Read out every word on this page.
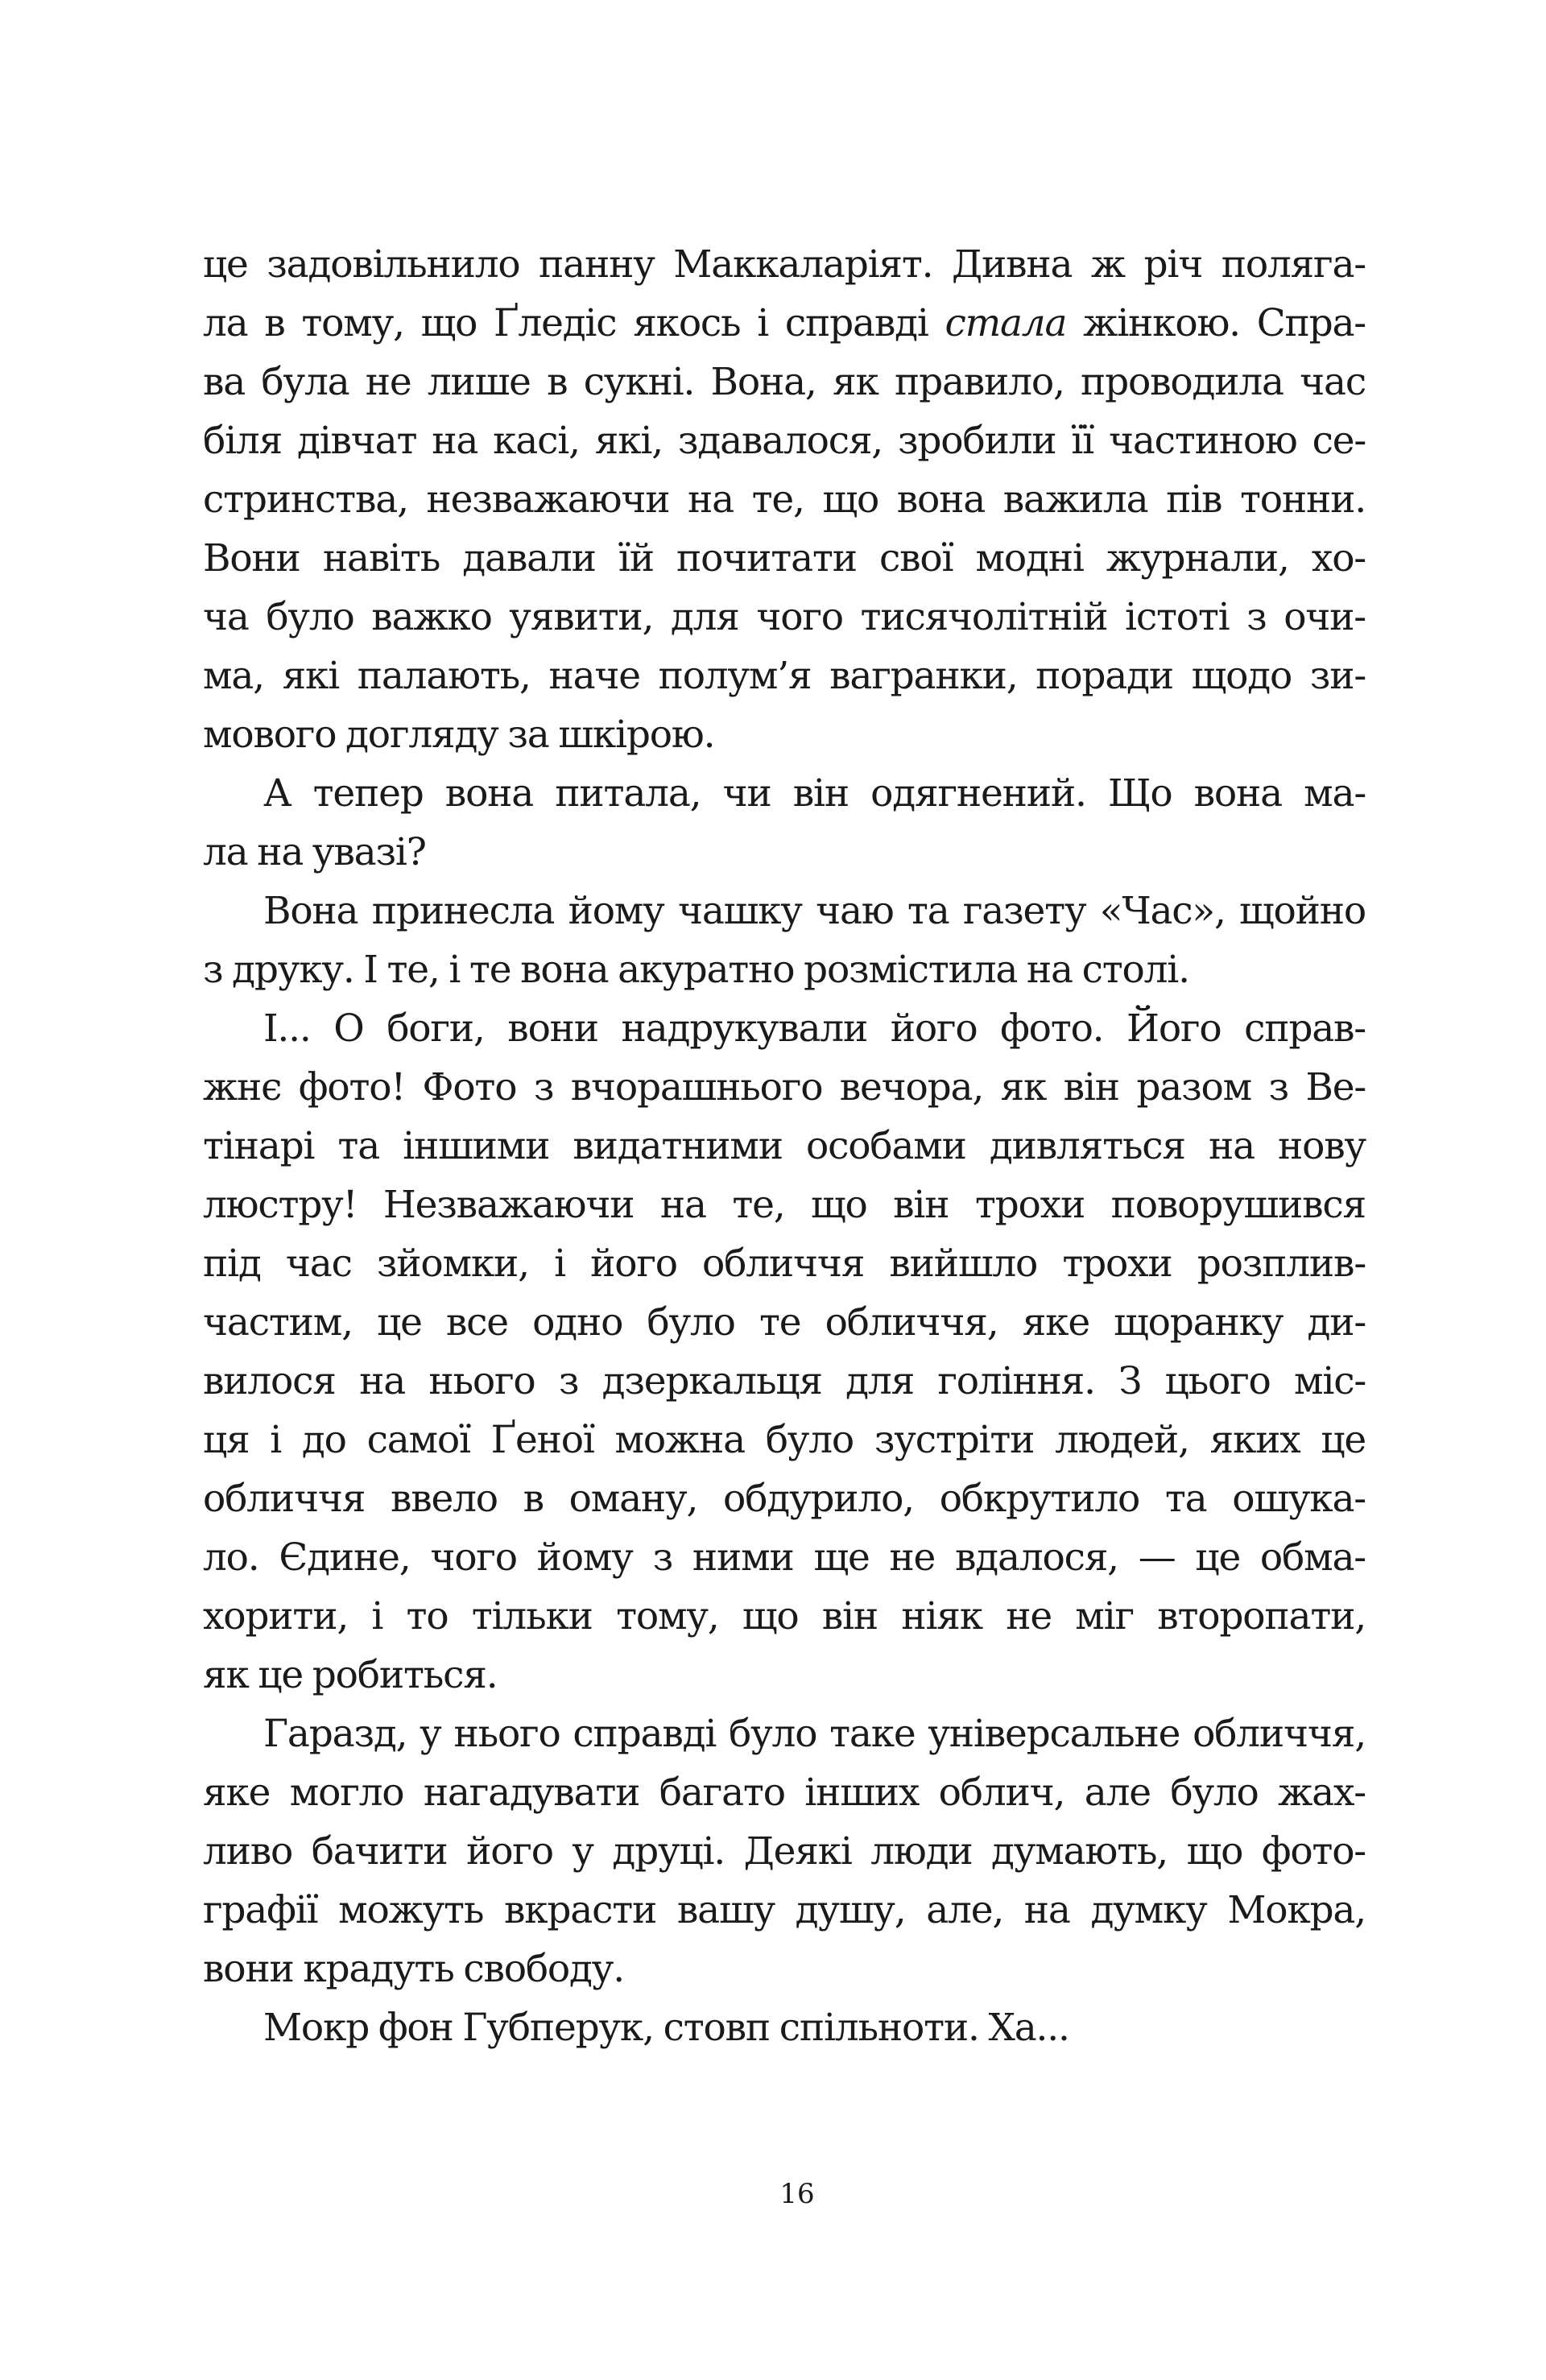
це задовільнило панну Маккаларіят. Дивна ж річ полягa-
ла в тому, що Ґледіс якось і справді стала жінкою. Спра-
ва була не лише в сукні. Вона, як правило, проводила час
біля дівчат на касі, які, здавалося, зробили її частиною се-
стринства, незважаючи на те, що вона важила пів тонни.
Вони навіть давали їй почитати свої модні журнали, хо-
ча було важко уявити, для чого тисячолітній істоті з очи-
ма, які палають, наче полум’я вагранки, поради щодо зи-
мового догляду за шкірою.
А тепер вона питала, чи він одягнений. Що вона ма-
ла на увазі?
Вона принесла йому чашку чаю та газету «Час», щойно
з друку. І те, і те вона акуратно розмістила на столі.
І... О боги, вони надрукували його фото. Його справ-
жнє фото! Фото з вчорашнього вечора, як він разом з Ве-
тінарі та іншими видатними особами дивляться на нову
люстру! Незважаючи на те, що він трохи поворушився
під час зйомки, і його обличчя вийшло трохи розплив-
частим, це все одно було те обличчя, яке щоранку ди-
вилося на нього з дзеркальця для гоління. З цього міс-
ця і до самої Ґеної можна було зустріти людей, яких це
обличчя ввело в оману, обдурило, обкрутило та ошука-
ло. Єдине, чого йому з ними ще не вдалося, — це обма-
хорити, і то тільки тому, що він ніяк не міг второпати,
як це робиться.
Гаразд, у нього справді було таке універсальне обличчя,
яке могло нагадувати багато інших облич, але було жах-
ливо бачити його у друці. Деякі люди думають, що фото-
графії можуть вкрасти вашу душу, але, на думку Мокра,
вони крадуть свободу.
Мокр фон Губперук, стовп спільноти. Ха...
16
